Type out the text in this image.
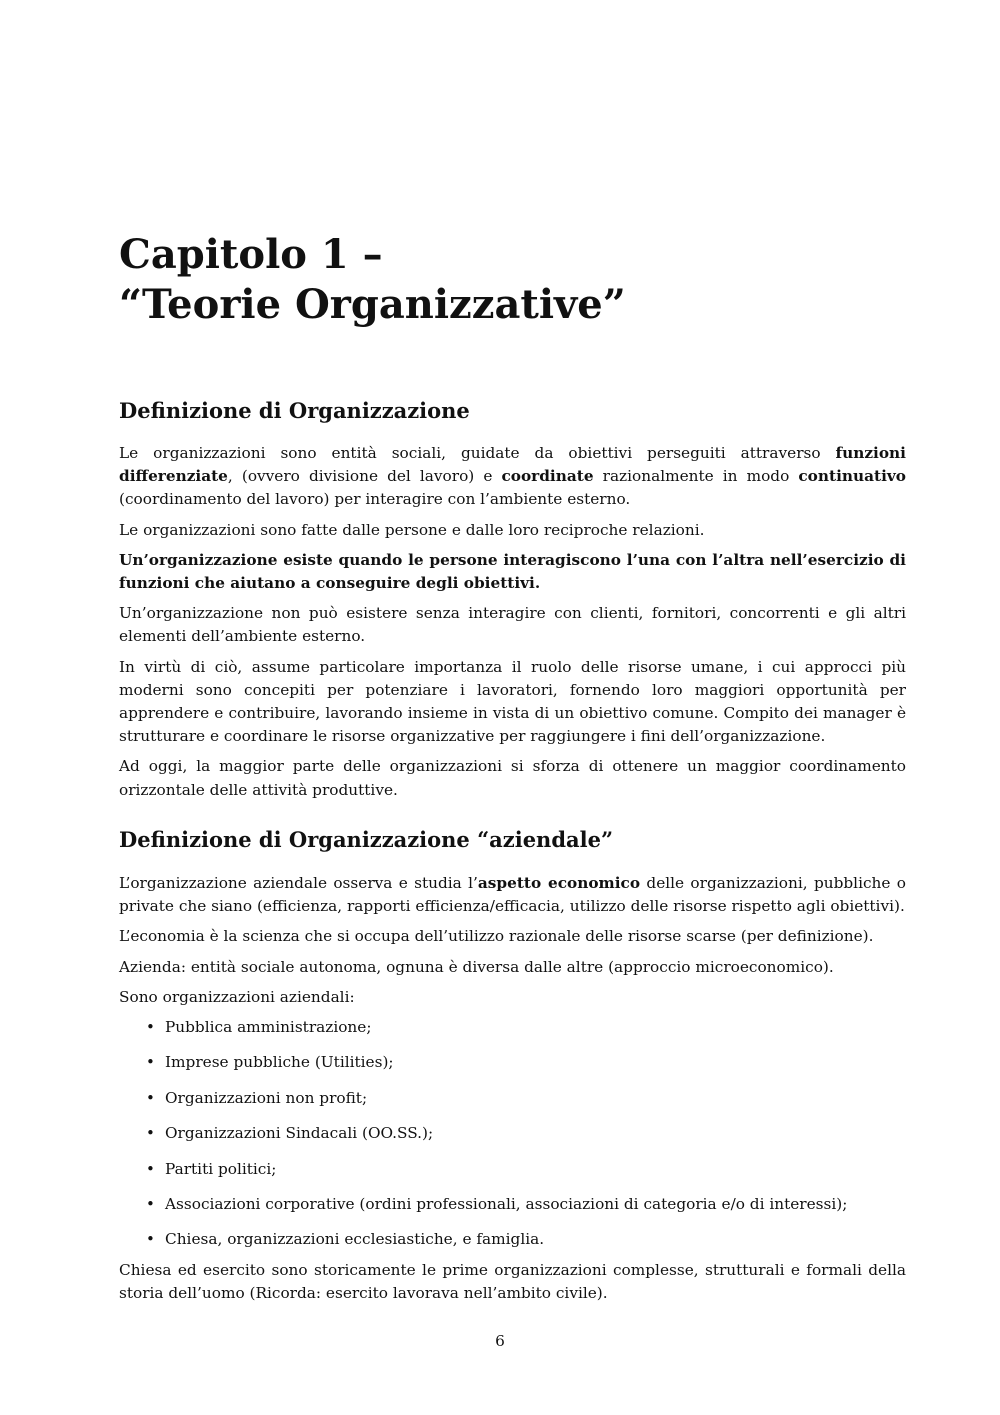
Capitolo 1 –
“Teorie Organizzative”
Definizione di Organizzazione

Le organizzazioni sono entità sociali, guidate da obiettivi perseguiti attraverso funzioni differenziate, (ovvero divisione del lavoro) e coordinate razionalmente in modo continuativo (coordinamento del lavoro) per interagire con l’ambiente esterno.

Le organizzazioni sono fatte dalle persone e dalle loro reciproche relazioni.

Un’organizzazione esiste quando le persone interagiscono l’una con l’altra nell’esercizio di funzioni che aiutano a conseguire degli obiettivi.

Un’organizzazione non può esistere senza interagire con clienti, fornitori, concorrenti e gli altri elementi dell’ambiente esterno.

In virtù di ciò, assume particolare importanza il ruolo delle risorse umane, i cui approcci più moderni sono concepiti per potenziare i lavoratori, fornendo loro maggiori opportunità per apprendere e contribuire, lavorando insieme in vista di un obiettivo comune. Compito dei manager è strutturare e coordinare le risorse organizzative per raggiungere i fini dell’organizzazione.

Ad oggi, la maggior parte delle organizzazioni si sforza di ottenere un maggior coordinamento orizzontale delle attività produttive.

Definizione di Organizzazione “aziendale”

L’organizzazione aziendale osserva e studia l’aspetto economico delle organizzazioni, pubbliche o private che siano (efficienza, rapporti efficienza/efficacia, utilizzo delle risorse rispetto agli obiettivi).

L’economia è la scienza che si occupa dell’utilizzo razionale delle risorse scarse (per definizione).

Azienda: entità sociale autonoma, ognuna è diversa dalle altre (approccio microeconomico).

Sono organizzazioni aziendali:

• Pubblica amministrazione;
• Imprese pubbliche (Utilities);
• Organizzazioni non profit;
• Organizzazioni Sindacali (OO.SS.);
• Partiti politici;
• Associazioni corporative (ordini professionali, associazioni di categoria e/o di interessi);
• Chiesa, organizzazioni ecclesiastiche, e famiglia.

Chiesa ed esercito sono storicamente le prime organizzazioni complesse, strutturali e formali della storia dell’uomo (Ricorda: esercito lavorava nell’ambito civile).

6
